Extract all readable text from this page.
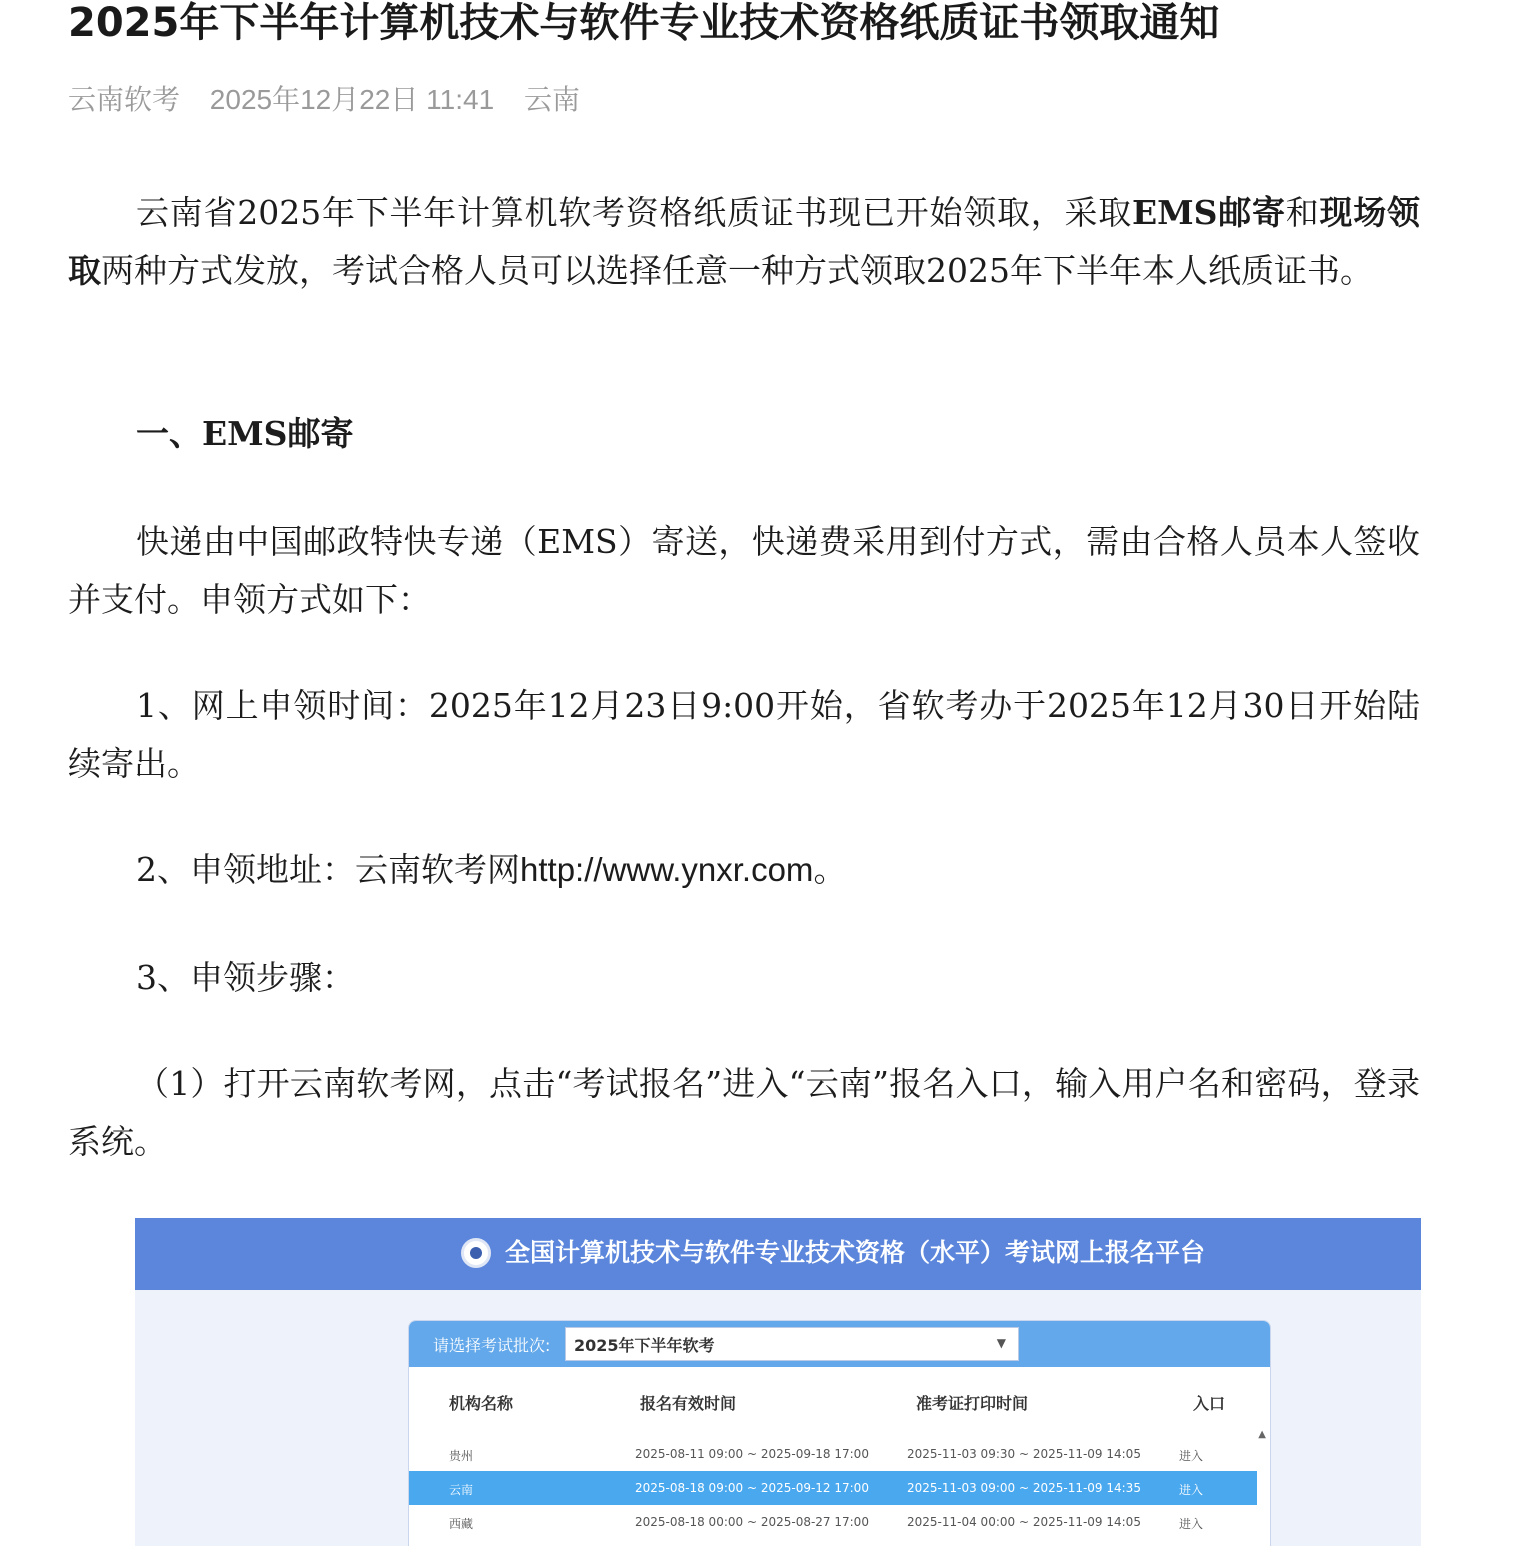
2025年下半年计算机技术与软件专业技术资格纸质证书领取通知
云南软考 2025年12月22日 11:41 云南
云南省2025年下半年计算机软考资格纸质证书现已开始领取，采取EMS邮寄和现场领取两种方式发放，考试合格人员可以选择任意一种方式领取2025年下半年本人纸质证书。
一、EMS邮寄
快递由中国邮政特快专递（EMS）寄送，快递费采用到付方式，需由合格人员本人签收并支付。申领方式如下：
1、网上申领时间：2025年12月23日9:00开始，省软考办于2025年12月30日开始陆续寄出。
2、申领地址：云南软考网http://www.ynxr.com。
3、申领步骤：
（1）打开云南软考网，点击“考试报名”进入“云南”报名入口，输入用户名和密码，登录系统。
全国计算机技术与软件专业技术资格（水平）考试网上报名平台
请选择考试批次: 2025年下半年软考	▼
机构名称	报名有效时间	准考证打印时间	入口
▲
贵州	2025-08-11 09:00 ~ 2025-09-18 17:00	2025-11-03 09:30 ~ 2025-11-09 14:05	进入
云南	2025-08-18 09:00 ~ 2025-09-12 17:00	2025-11-03 09:00 ~ 2025-11-09 14:35	进入
西藏	2025-08-18 00:00 ~ 2025-08-27 17:00	2025-11-04 00:00 ~ 2025-11-09 14:05	进入
